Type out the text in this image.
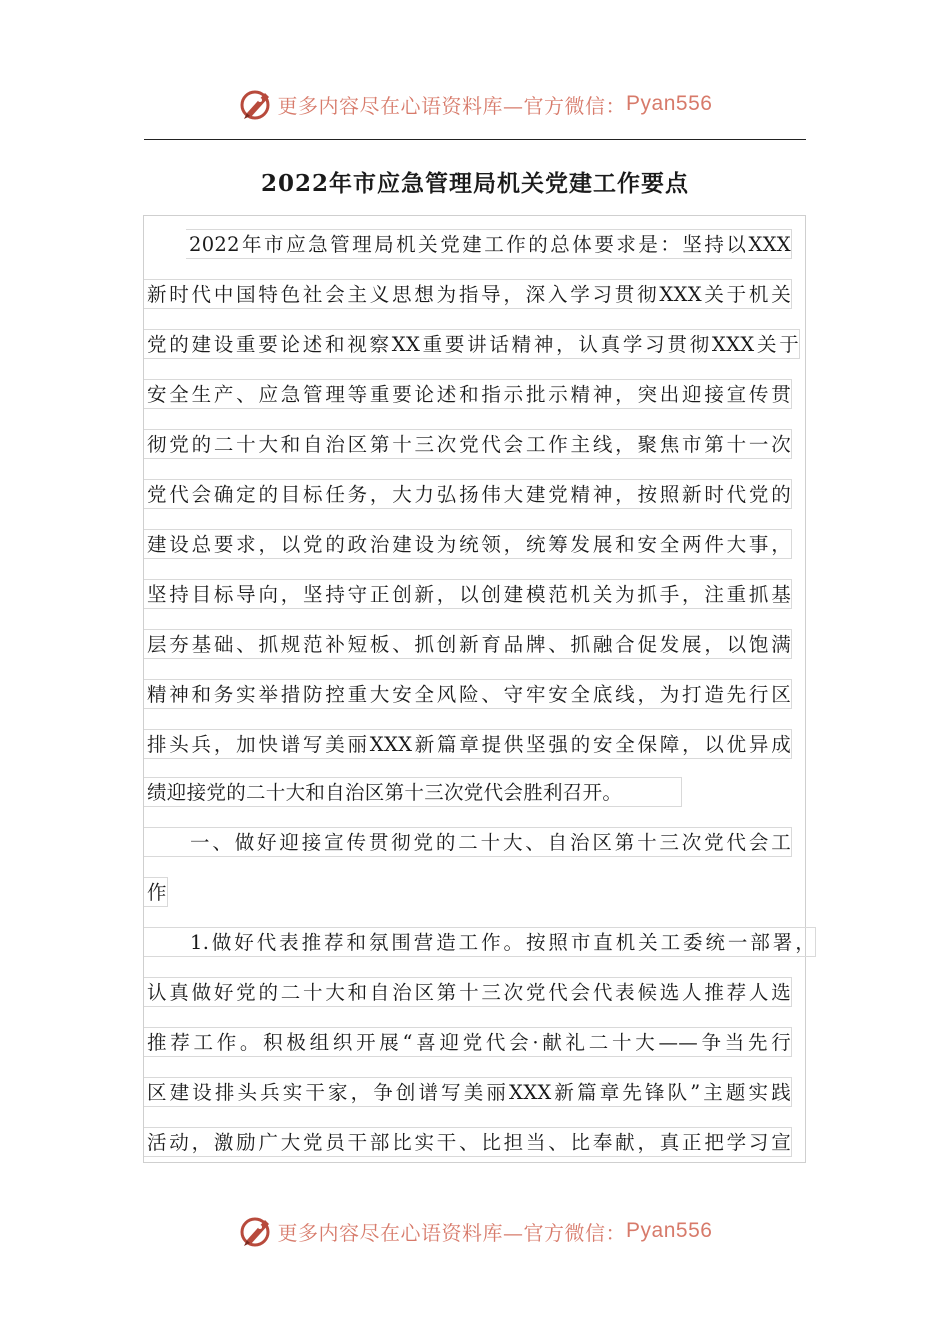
更多内容尽在心语资料库—官方微信： Pyan556
2022年市应急管理局机关党建工作要点
2022年市应急管理局机关党建工作的总体要求是：坚持以XXX
新时代中国特色社会主义思想为指导，深入学习贯彻XXX关于机关
党的建设重要论述和视察XX重要讲话精神，认真学习贯彻XXX关于
安全生产、应急管理等重要论述和指示批示精神，突出迎接宣传贯
彻党的二十大和自治区第十三次党代会工作主线，聚焦市第十一次
党代会确定的目标任务，大力弘扬伟大建党精神，按照新时代党的
建设总要求，以党的政治建设为统领，统筹发展和安全两件大事，
坚持目标导向，坚持守正创新，以创建模范机关为抓手，注重抓基
层夯基础、抓规范补短板、抓创新育品牌、抓融合促发展，以饱满
精神和务实举措防控重大安全风险、守牢安全底线，为打造先行区
排头兵，加快谱写美丽XXX新篇章提供坚强的安全保障，以优异成
绩迎接党的二十大和自治区第十三次党代会胜利召开。
一、做好迎接宣传贯彻党的二十大、自治区第十三次党代会工
作
1.做好代表推荐和氛围营造工作。按照市直机关工委统一部署，
认真做好党的二十大和自治区第十三次党代会代表候选人推荐人选
推荐工作。积极组织开展“喜迎党代会·献礼二十大——争当先行
区建设排头兵实干家，争创谱写美丽XXX新篇章先锋队”主题实践
活动，激励广大党员干部比实干、比担当、比奉献，真正把学习宣
更多内容尽在心语资料库—官方微信： Pyan556
